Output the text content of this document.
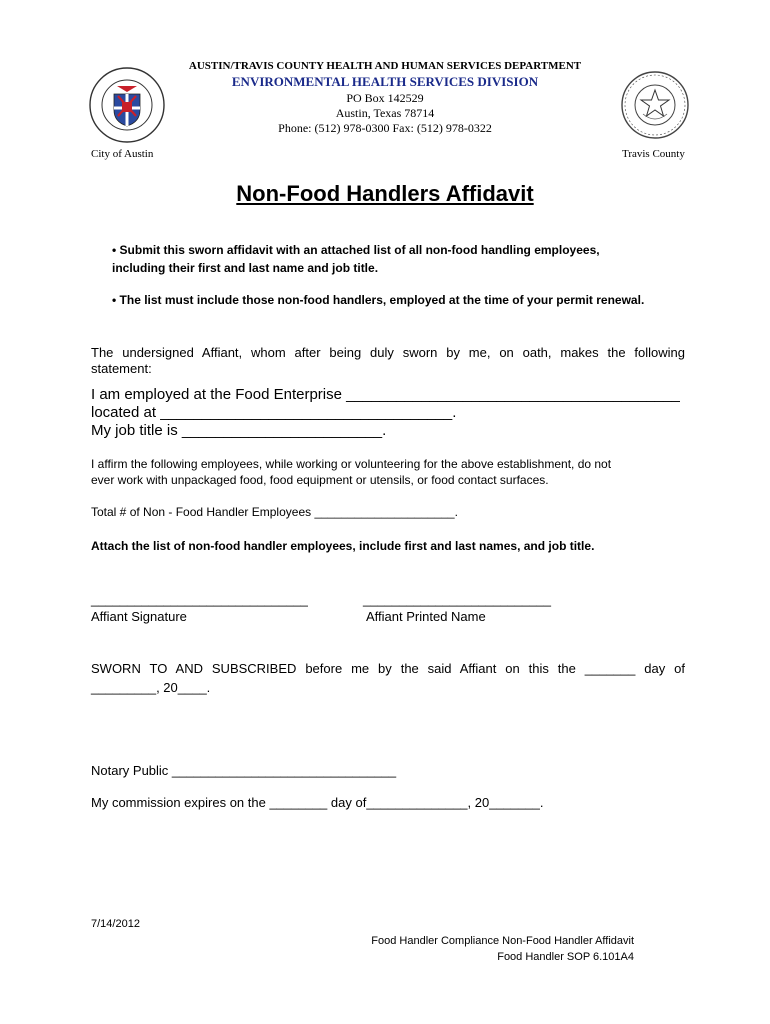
AUSTIN/TRAVIS COUNTY HEALTH AND HUMAN SERVICES DEPARTMENT
ENVIRONMENTAL HEALTH SERVICES DIVISION
PO Box 142529
Austin, Texas 78714
Phone: (512) 978-0300 Fax: (512) 978-0322
City of Austin	Travis County
Non-Food Handlers Affidavit
• Submit this sworn affidavit with an attached list of all non-food handling employees,
including their first and last name and job title.
• The list must include those non-food handlers, employed at the time of your permit renewal.
The undersigned Affiant, whom after being duly sworn by me, on oath, makes the following
statement:
I am employed at the Food Enterprise ________________________________________
located at ___________________________________.
My job title is ________________________.
I affirm the following employees, while working or volunteering for the above establishment, do not
ever work with unpackaged food, food equipment or utensils, or food contact surfaces.
Total # of Non - Food Handler Employees _____________________.
Attach the list of non-food handler employees, include first and last names, and job title.
______________________________	__________________________
Affiant Signature	Affiant Printed Name
SWORN TO AND SUBSCRIBED before me by the said Affiant on this the _______ day of
_________, 20____.
Notary Public _______________________________
My commission expires on the ________ day of______________, 20_______.
7/14/2012
Food Handler Compliance Non-Food Handler Affidavit
Food Handler SOP 6.101A4
